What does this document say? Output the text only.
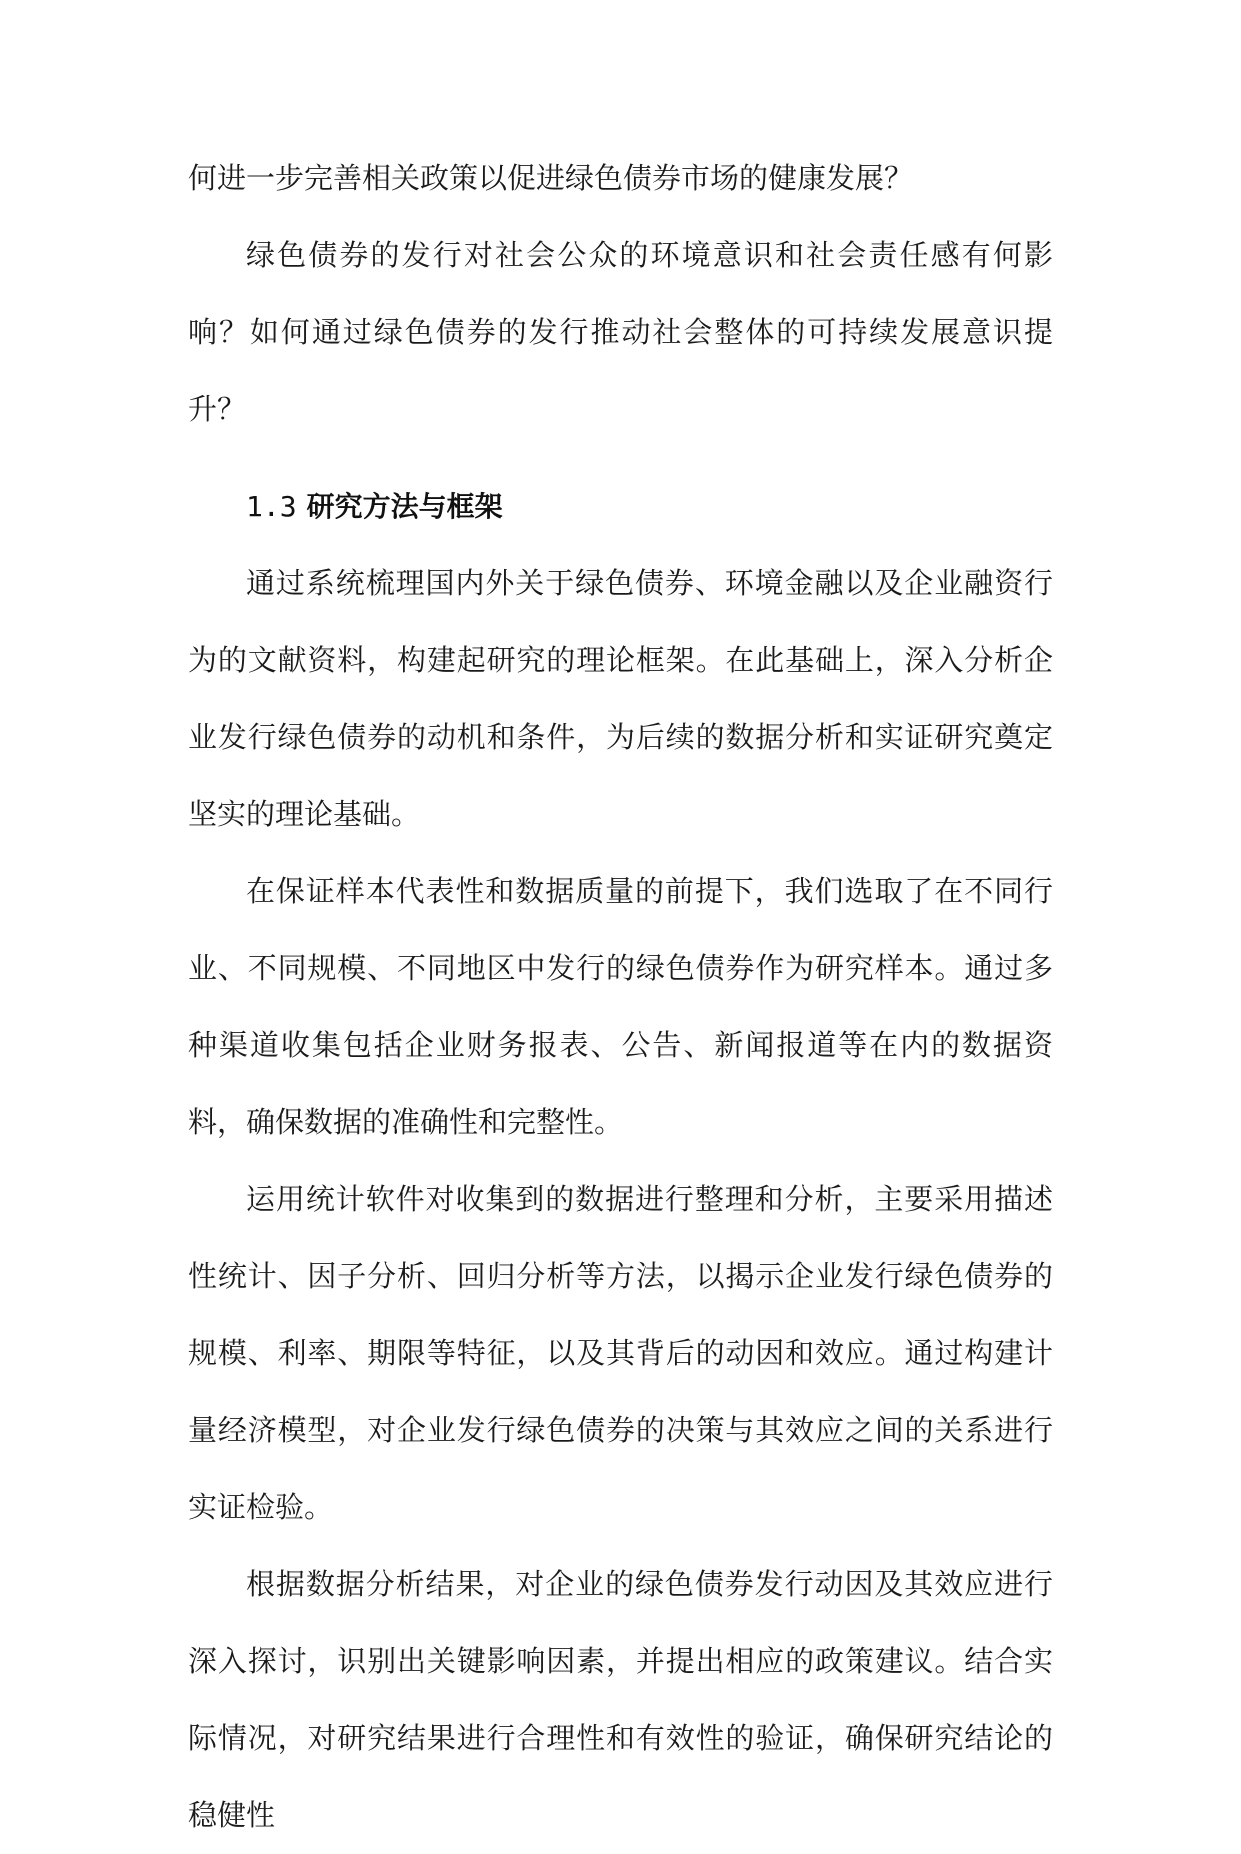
何进一步完善相关政策以促进绿色债券市场的健康发展？

绿色债券的发行对社会公众的环境意识和社会责任感有何影响？如何通过绿色债券的发行推动社会整体的可持续发展意识提升？

1.3 研究方法与框架

通过系统梳理国内外关于绿色债券、环境金融以及企业融资行为的文献资料，构建起研究的理论框架。在此基础上，深入分析企业发行绿色债券的动机和条件，为后续的数据分析和实证研究奠定坚实的理论基础。

在保证样本代表性和数据质量的前提下，我们选取了在不同行业、不同规模、不同地区中发行的绿色债券作为研究样本。通过多种渠道收集包括企业财务报表、公告、新闻报道等在内的数据资料，确保数据的准确性和完整性。

运用统计软件对收集到的数据进行整理和分析，主要采用描述性统计、因子分析、回归分析等方法，以揭示企业发行绿色债券的规模、利率、期限等特征，以及其背后的动因和效应。通过构建计量经济模型，对企业发行绿色债券的决策与其效应之间的关系进行实证检验。

根据数据分析结果，对企业的绿色债券发行动因及其效应进行深入探讨，识别出关键影响因素，并提出相应的政策建议。结合实际情况，对研究结果进行合理性和有效性的验证，确保研究结论的稳健性
